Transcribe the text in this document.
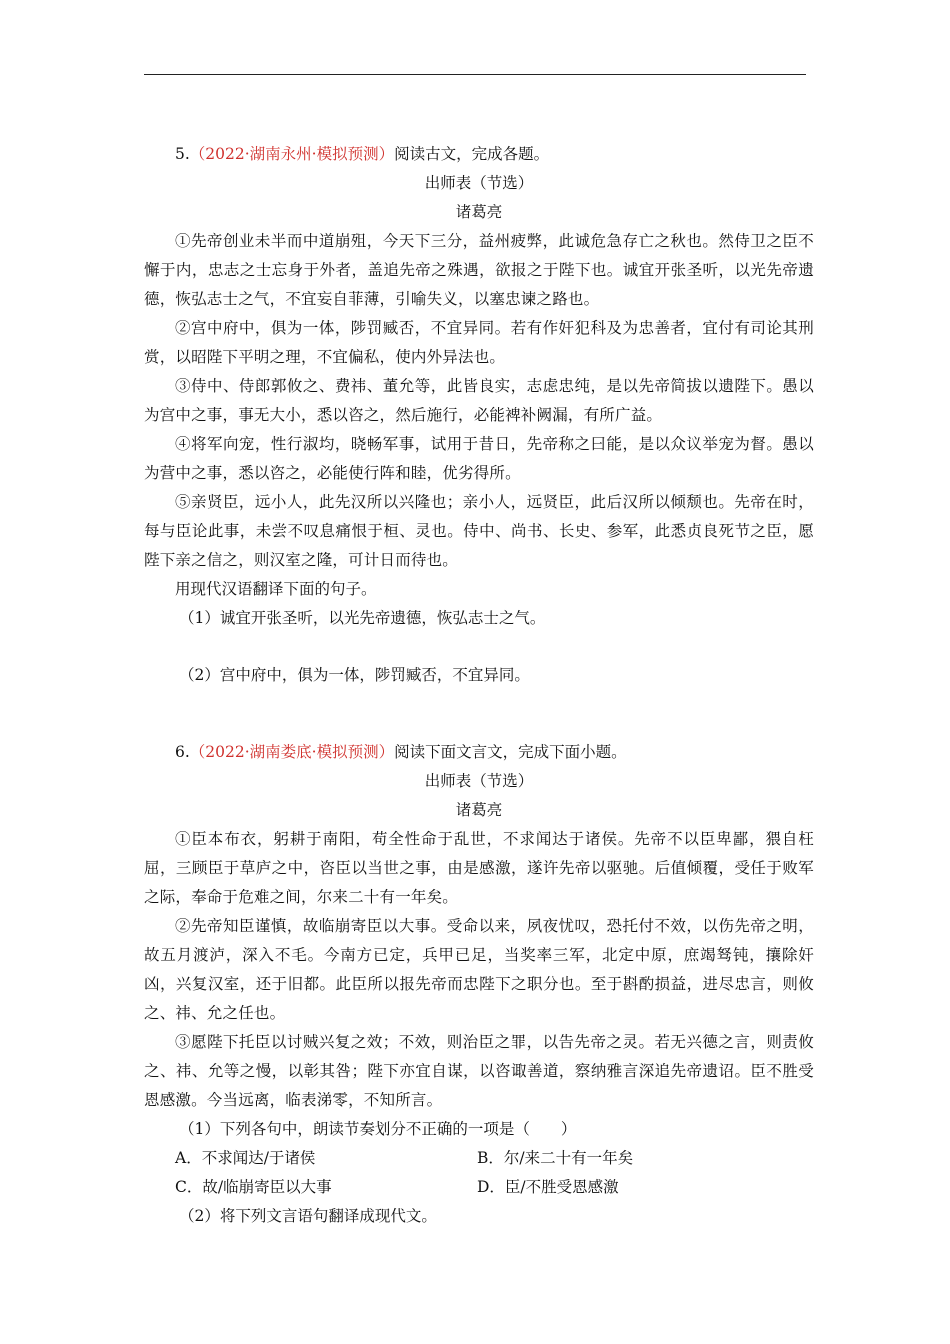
5.（2022·湖南永州·模拟预测）阅读古文，完成各题。
出师表（节选）
诸葛亮
①先帝创业未半而中道崩殂，今天下三分，益州疲弊，此诚危急存亡之秋也。然侍卫之臣不懈于内，忠志之士忘身于外者，盖追先帝之殊遇，欲报之于陛下也。诚宜开张圣听，以光先帝遗德，恢弘志士之气，不宜妄自菲薄，引喻失义，以塞忠谏之路也。
②宫中府中，俱为一体，陟罚臧否，不宜异同。若有作奸犯科及为忠善者，宜付有司论其刑赏，以昭陛下平明之理，不宜偏私，使内外异法也。
③侍中、侍郎郭攸之、费祎、董允等，此皆良实，志虑忠纯，是以先帝简拔以遗陛下。愚以为宫中之事，事无大小，悉以咨之，然后施行，必能裨补阙漏，有所广益。
④将军向宠，性行淑均，晓畅军事，试用于昔日，先帝称之曰能，是以众议举宠为督。愚以为营中之事，悉以咨之，必能使行阵和睦，优劣得所。
⑤亲贤臣，远小人，此先汉所以兴隆也；亲小人，远贤臣，此后汉所以倾颓也。先帝在时，每与臣论此事，未尝不叹息痛恨于桓、灵也。侍中、尚书、长史、参军，此悉贞良死节之臣，愿陛下亲之信之，则汉室之隆，可计日而待也。
用现代汉语翻译下面的句子。
（1）诚宜开张圣听，以光先帝遗德，恢弘志士之气。
（2）宫中府中，俱为一体，陟罚臧否，不宜异同。
6.（2022·湖南娄底·模拟预测）阅读下面文言文，完成下面小题。
出师表（节选）
诸葛亮
①臣本布衣，躬耕于南阳，苟全性命于乱世，不求闻达于诸侯。先帝不以臣卑鄙，猥自枉屈，三顾臣于草庐之中，咨臣以当世之事，由是感激，遂许先帝以驱驰。后值倾覆，受任于败军之际，奉命于危难之间，尔来二十有一年矣。
②先帝知臣谨慎，故临崩寄臣以大事。受命以来，夙夜忧叹，恐托付不效，以伤先帝之明，故五月渡泸，深入不毛。今南方已定，兵甲已足，当奖率三军，北定中原，庶竭驽钝，攘除奸凶，兴复汉室，还于旧都。此臣所以报先帝而忠陛下之职分也。至于斟酌损益，进尽忠言，则攸之、祎、允之任也。
③愿陛下托臣以讨贼兴复之效；不效，则治臣之罪，以告先帝之灵。若无兴德之言，则责攸之、祎、允等之慢，以彰其咎；陛下亦宜自谋，以咨诹善道，察纳雅言深追先帝遗诏。臣不胜受恩感激。今当远离，临表涕零，不知所言。
（1）下列各句中，朗读节奏划分不正确的一项是（　　）
A．不求闻达/于诸侯	B．尔/来二十有一年矣
C．故/临崩寄臣以大事	D．臣/不胜受恩感激
（2）将下列文言语句翻译成现代文。
